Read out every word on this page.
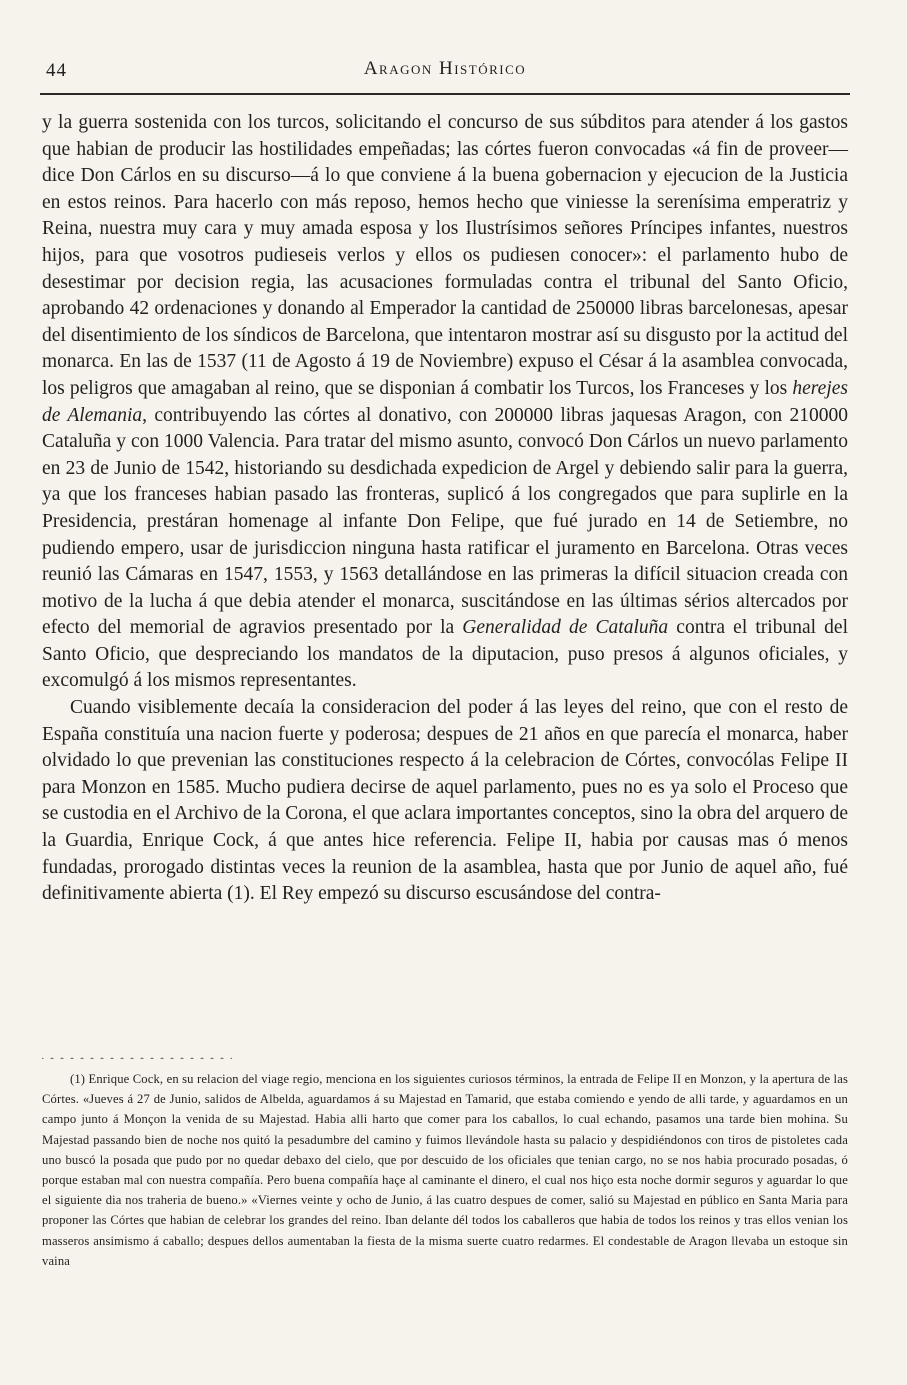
44	Aragon Histórico

y la guerra sostenida con los turcos, solicitando el concurso de sus súbditos para atender á los gastos que habian de producir las hostilidades empeñadas; las córtes fueron convocadas «á fin de proveer—dice Don Cárlos en su discurso—á lo que conviene á la buena gobernacion y ejecucion de la Justicia en estos reinos. Para hacerlo con más reposo, hemos hecho que viniesse la serenísima emperatriz y Reina, nuestra muy cara y muy amada esposa y los Ilustrísimos señores Príncipes infantes, nuestros hijos, para que vosotros pudieseis verlos y ellos os pudiesen conocer»: el parlamento hubo de desestimar por decision regia, las acusaciones formuladas contra el tribunal del Santo Oficio, aprobando 42 ordenaciones y donando al Emperador la cantidad de 250000 libras barcelonesas, apesar del disentimiento de los síndicos de Barcelona, que intentaron mostrar así su disgusto por la actitud del monarca. En las de 1537 (11 de Agosto á 19 de Noviembre) expuso el César á la asamblea convocada, los peligros que amagaban al reino, que se disponian á combatir los Turcos, los Franceses y los herejes de Alemania, contribuyendo las córtes al donativo, con 200000 libras jaquesas Aragon, con 210000 Cataluña y con 1000 Valencia. Para tratar del mismo asunto, convocó Don Cárlos un nuevo parlamento en 23 de Junio de 1542, historiando su desdichada expedicion de Argel y debiendo salir para la guerra, ya que los franceses habian pasado las fronteras, suplicó á los congregados que para suplirle en la Presidencia, prestáran homenage al infante Don Felipe, que fué jurado en 14 de Setiembre, no pudiendo empero, usar de jurisdiccion ninguna hasta ratificar el juramento en Barcelona. Otras veces reunió las Cámaras en 1547, 1553, y 1563 detallándose en las primeras la difícil situacion creada con motivo de la lucha á que debia atender el monarca, suscitándose en las últimas sérios altercados por efecto del memorial de agravios presentado por la Generalidad de Cataluña contra el tribunal del Santo Oficio, que despreciando los mandatos de la diputacion, puso presos á algunos oficiales, y excomulgó á los mismos representantes.

Cuando visiblemente decaía la consideracion del poder á las leyes del reino, que con el resto de España constituía una nacion fuerte y poderosa; despues de 21 años en que parecía el monarca, haber olvidado lo que prevenian las constituciones respecto á la celebracion de Córtes, convocólas Felipe II para Monzon en 1585. Mucho pudiera decirse de aquel parlamento, pues no es ya solo el Proceso que se custodia en el Archivo de la Corona, el que aclara importantes conceptos, sino la obra del arquero de la Guardia, Enrique Cock, á que antes hice referencia. Felipe II, habia por causas mas ó menos fundadas, prorogado distintas veces la reunion de la asamblea, hasta que por Junio de aquel año, fué definitivamente abierta (1). El Rey empezó su discurso escusándose del contra-

(1) Enrique Cock, en su relacion del viage regio, menciona en los siguientes curiosos términos, la entrada de Felipe II en Monzon, y la apertura de las Córtes. «Jueves á 27 de Junio, salidos de Albelda, aguardamos á su Majestad en Tamarid, que estaba comiendo e yendo de alli tarde, y aguardamos en un campo junto á Monçon la venida de su Majestad. Habia alli harto que comer para los caballos, lo cual echando, pasamos una tarde bien mohina. Su Majestad passando bien de noche nos quitó la pesadumbre del camino y fuimos llevándole hasta su palacio y despidiéndonos con tiros de pistoletes cada uno buscó la posada que pudo por no quedar debaxo del cielo, que por descuido de los oficiales que tenian cargo, no se nos habia procurado posadas, ó porque estaban mal con nuestra compañía. Pero buena compañía haçe al caminante el dinero, el cual nos hiço esta noche dormir seguros y aguardar lo que el siguiente dia nos traheria de bueno.» «Viernes veinte y ocho de Junio, á las cuatro despues de comer, salió su Majestad en público en Santa Maria para proponer las Córtes que habian de celebrar los grandes del reino. Iban delante dél todos los caballeros que habia de todos los reinos y tras ellos venian los masseros ansimismo á caballo; despues dellos aumentaban la fiesta de la misma suerte cuatro redarmes. El condestable de Aragon llevaba un estoque sin vaina
